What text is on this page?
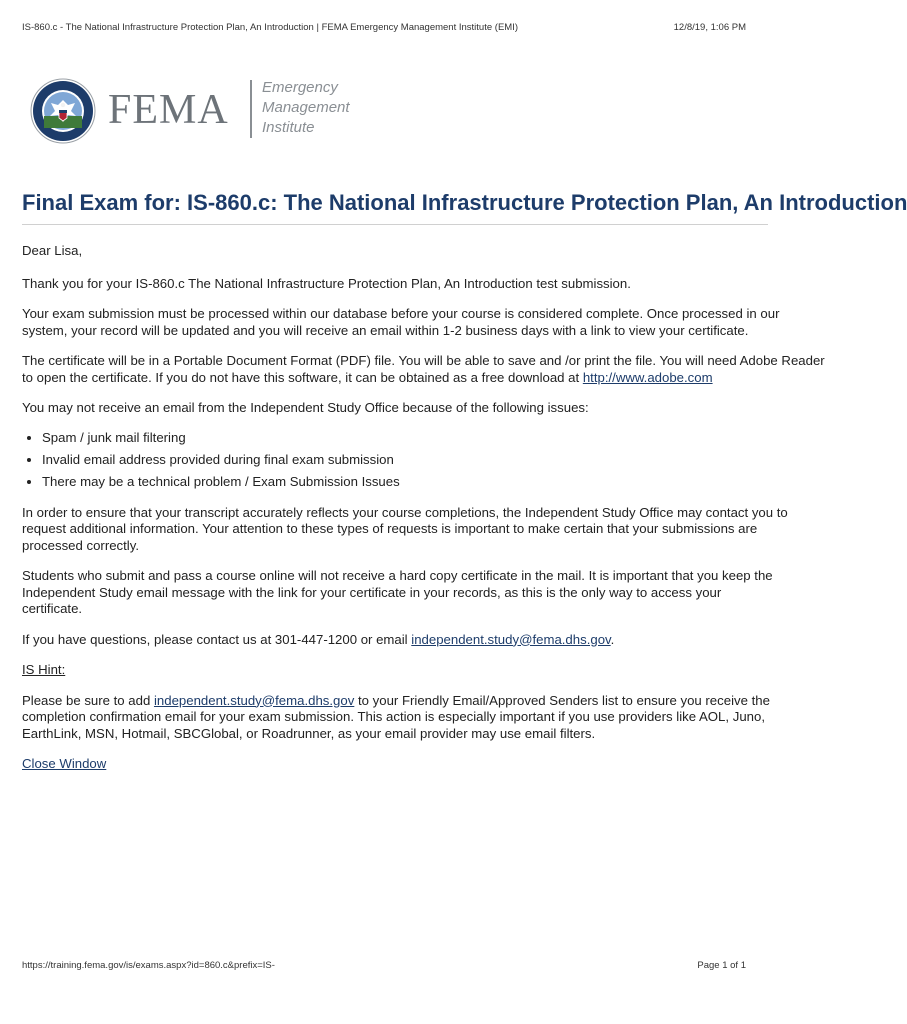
IS-860.c - The National Infrastructure Protection Plan, An Introduction | FEMA Emergency Management Institute (EMI)	12/8/19, 1:06 PM
FEMA Emergency
Management
Institute
Final Exam for: IS-860.c: The National Infrastructure Protection Plan, An Introduction

Dear Lisa,

Thank you for your IS-860.c The National Infrastructure Protection Plan, An Introduction test submission.

Your exam submission must be processed within our database before your course is considered complete. Once processed in our

system, your record will be updated and you will receive an email within 1-2 business days with a link to view your certificate.

The certificate will be in a Portable Document Format (PDF) file. You will be able to save and /or print the file. You will need Adobe Reader

to open the certificate. If you do not have this software, it can be obtained as a free download at http://www.adobe.com

You may not receive an email from the Independent Study Office because of the following issues:

• Spam / junk mail filtering
• Invalid email address provided during final exam submission
• There may be a technical problem / Exam Submission Issues

In order to ensure that your transcript accurately reflects your course completions, the Independent Study Office may contact you to

request additional information. Your attention to these types of requests is important to make certain that your submissions are

processed correctly.

Students who submit and pass a course online will not receive a hard copy certificate in the mail. It is important that you keep the

Independent Study email message with the link for your certificate in your records, as this is the only way to access your

certificate.

If you have questions, please contact us at 301-447-1200 or email independent.study@fema.dhs.gov.

IS Hint:

Please be sure to add independent.study@fema.dhs.gov to your Friendly Email/Approved Senders list to ensure you receive the

completion confirmation email for your exam submission. This action is especially important if you use providers like AOL, Juno,

EarthLink, MSN, Hotmail, SBCGlobal, or Roadrunner, as your email provider may use email filters.

Close Window

https://training.fema.gov/is/exams.aspx?id=860.c&prefix=IS-	Page 1 of 1
